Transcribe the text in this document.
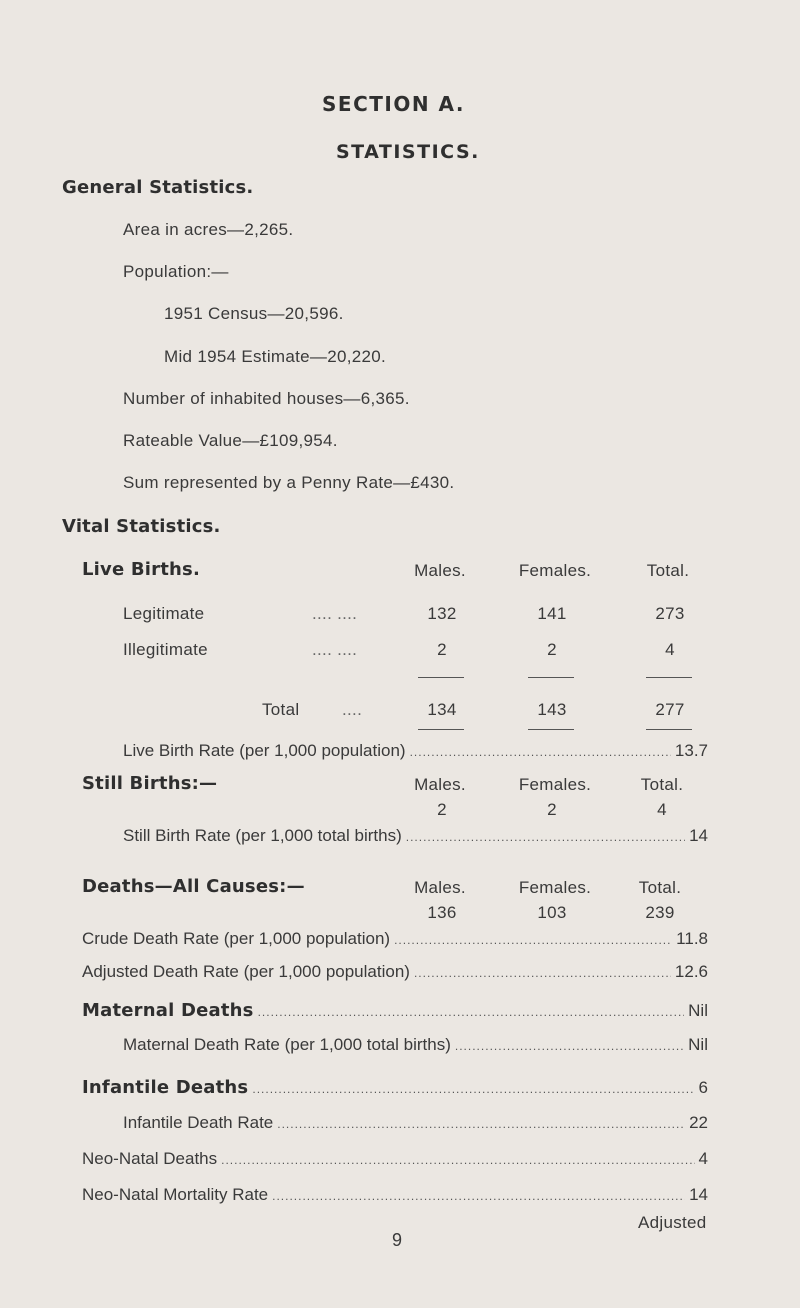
SECTION A.
STATISTICS.
General Statistics.
Area in acres—2,265.
Population:—
1951 Census—20,596.
Mid 1954 Estimate—20,220.
Number of inhabited houses—6,365.
Rateable Value—£109,954.
Sum represented by a Penny Rate—£430.
Vital Statistics.
Live Births.	Males.	Females.	Total.
Legitimate	.... ....	132	141	273
Illegitimate	.... ....	2	2	4
Total	....	134	143	277
Live Birth Rate (per 1,000 population) .....	13.7
Still Births:—	Males.	Females.	Total.
2	2	4
Still Birth Rate (per 1,000 total births) .....	14
Deaths—All Causes:—	Males.	Females.	Total.
136	103	239
Crude Death Rate (per 1,000 population) .....	11.8
Adjusted Death Rate (per 1,000 population) .....	12.6
Maternal Deaths .....	Nil
Maternal Death Rate (per 1,000 total births) .....	Nil
Infantile Deaths .....	6
Infantile Death Rate .....	22
Neo-Natal Deaths .....	4
Neo-Natal Mortality Rate .....	14
Adjusted
9
